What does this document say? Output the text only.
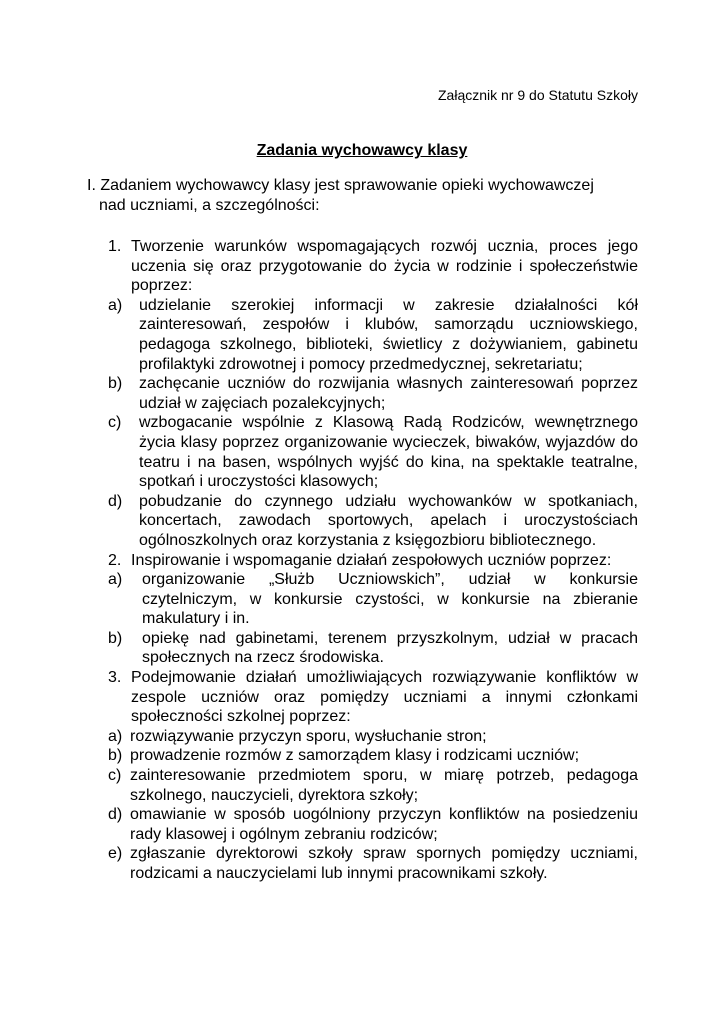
Załącznik nr 9 do Statutu Szkoły
Zadania wychowawcy klasy
I. Zadaniem wychowawcy klasy jest sprawowanie opieki wychowawczej
nad uczniami, a szczególności:
1. Tworzenie warunków wspomagających rozwój ucznia, proces jego uczenia się oraz przygotowanie do życia w rodzinie i społeczeństwie poprzez:
a) udzielanie szerokiej informacji w zakresie działalności kół zainteresowań, zespołów i klubów, samorządu uczniowskiego, pedagoga szkolnego, biblioteki, świetlicy z dożywianiem, gabinetu profilaktyki zdrowotnej i pomocy przedmedycznej, sekretariatu;
b) zachęcanie uczniów do rozwijania własnych zainteresowań poprzez udział w zajęciach pozalekcyjnych;
c) wzbogacanie wspólnie z Klasową Radą Rodziców, wewnętrznego życia klasy poprzez organizowanie wycieczek, biwaków, wyjazdów do teatru i na basen, wspólnych wyjść do kina, na spektakle teatralne, spotkań i uroczystości klasowych;
d) pobudzanie do czynnego udziału wychowanków w spotkaniach, koncertach, zawodach sportowych, apelach i uroczystościach ogólnoszkolnych oraz korzystania z księgozbioru bibliotecznego.
2. Inspirowanie i wspomaganie działań zespołowych uczniów poprzez:
a) organizowanie „Służb Uczniowskich”, udział w konkursie czytelniczym, w konkursie czystości, w konkursie na zbieranie makulatury i in.
b) opiekę nad gabinetami, terenem przyszkolnym, udział w pracach społecznych na rzecz środowiska.
3. Podejmowanie działań umożliwiających rozwiązywanie konfliktów w zespole uczniów oraz pomiędzy uczniami a innymi członkami społeczności szkolnej poprzez:
a) rozwiązywanie przyczyn sporu, wysłuchanie stron;
b) prowadzenie rozmów z samorządem klasy i rodzicami uczniów;
c) zainteresowanie przedmiotem sporu, w miarę potrzeb, pedagoga szkolnego, nauczycieli, dyrektora szkoły;
d) omawianie w sposób uogólniony przyczyn konfliktów na posiedzeniu rady klasowej i ogólnym zebraniu rodziców;
e) zgłaszanie dyrektorowi szkoły spraw spornych pomiędzy uczniami, rodzicami a nauczycielami lub innymi pracownikami szkoły.
